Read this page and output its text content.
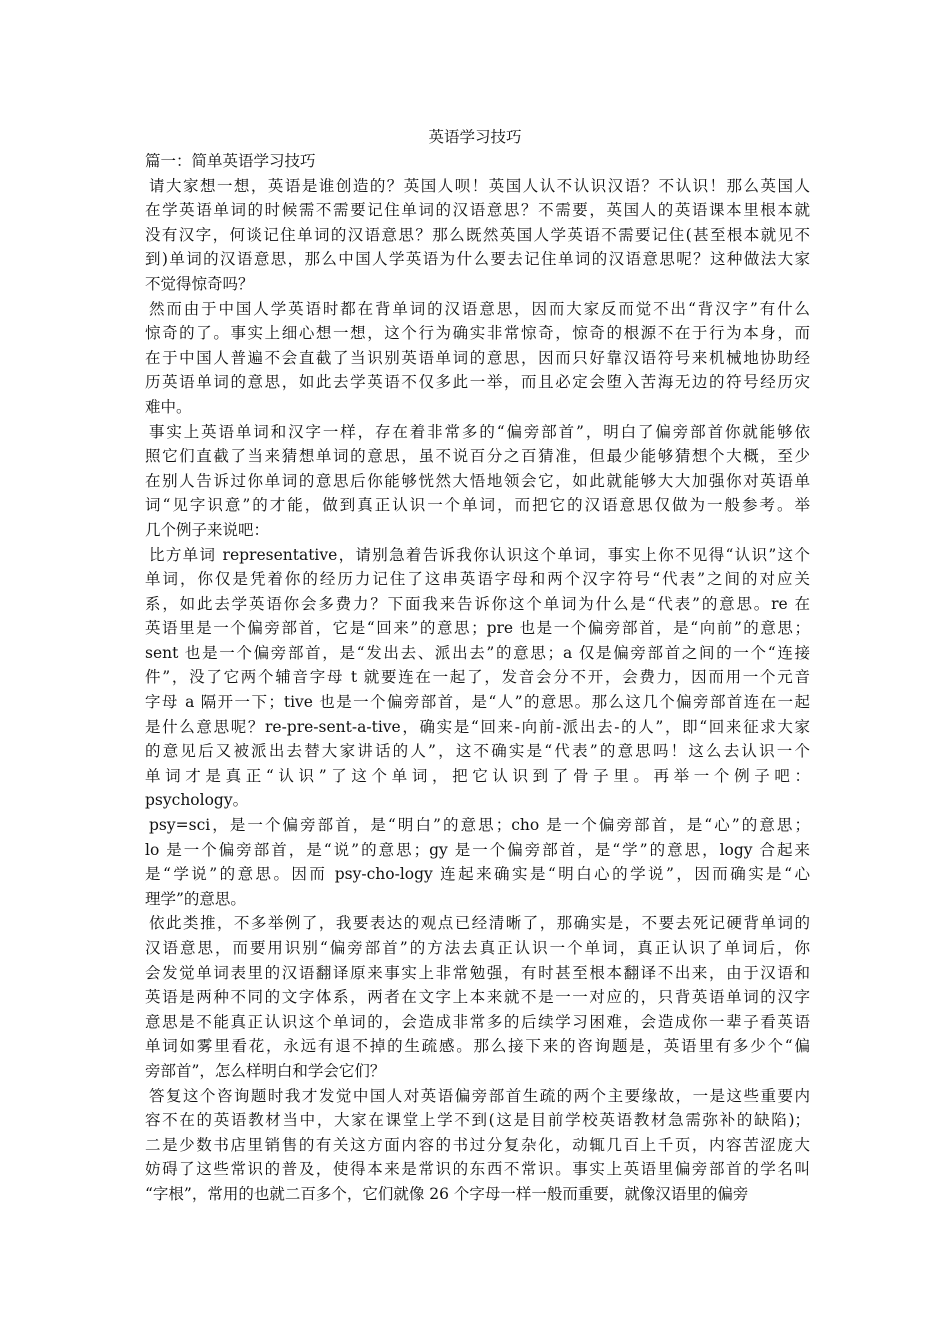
英语学习技巧
篇一：简单英语学习技巧
请大家想一想，英语是谁创造的？英国人呗！英国人认不认识汉语？不认识！那么英国人
在学英语单词的时候需不需要记住单词的汉语意思？不需要，英国人的英语课本里根本就
没有汉字，何谈记住单词的汉语意思？那么既然英国人学英语不需要记住(甚至根本就见不
到)单词的汉语意思，那么中国人学英语为什么要去记住单词的汉语意思呢？这种做法大家
不觉得惊奇吗？
然而由于中国人学英语时都在背单词的汉语意思，因而大家反而觉不出“背汉字”有什么
惊奇的了。事实上细心想一想，这个行为确实非常惊奇，惊奇的根源不在于行为本身，而
在于中国人普遍不会直截了当识别英语单词的意思，因而只好靠汉语符号来机械地协助经
历英语单词的意思，如此去学英语不仅多此一举，而且必定会堕入苦海无边的符号经历灾
难中。
事实上英语单词和汉字一样，存在着非常多的“偏旁部首”，明白了偏旁部首你就能够依
照它们直截了当来猜想单词的意思，虽不说百分之百猜准，但最少能够猜想个大概，至少
在别人告诉过你单词的意思后你能够恍然大悟地领会它，如此就能够大大加强你对英语单
词“见字识意”的才能，做到真正认识一个单词，而把它的汉语意思仅做为一般参考。举
几个例子来说吧：
比方单词 representative，请别急着告诉我你认识这个单词，事实上你不见得“认识”这个
单词，你仅是凭着你的经历力记住了这串英语字母和两个汉字符号“代表”之间的对应关
系，如此去学英语你会多费力？下面我来告诉你这个单词为什么是“代表”的意思。re 在
英语里是一个偏旁部首，它是“回来”的意思；pre 也是一个偏旁部首，是“向前”的意思；
sent 也是一个偏旁部首，是“发出去、派出去”的意思；a 仅是偏旁部首之间的一个“连接
件”，没了它两个辅音字母 t 就要连在一起了，发音会分不开，会费力，因而用一个元音
字母 a 隔开一下；tive 也是一个偏旁部首，是“人”的意思。那么这几个偏旁部首连在一起
是什么意思呢？re-pre-sent-a-tive，确实是“回来-向前-派出去-的人”，即“回来征求大家
的意见后又被派出去替大家讲话的人”，这不确实是“代表”的意思吗！这么去认识一个
单词才是真正“认识”了这个单词，把它认识到了骨子里。再举一个例子吧：
psychology。
psy=sci，是一个偏旁部首，是“明白”的意思；cho 是一个偏旁部首，是“心”的意思；
lo 是一个偏旁部首，是“说”的意思；gy 是一个偏旁部首，是“学”的意思，logy 合起来
是“学说”的意思。因而 psy-cho-logy 连起来确实是“明白心的学说”，因而确实是“心
理学”的意思。
依此类推，不多举例了，我要表达的观点已经清晰了，那确实是，不要去死记硬背单词的
汉语意思，而要用识别“偏旁部首”的方法去真正认识一个单词，真正认识了单词后，你
会发觉单词表里的汉语翻译原来事实上非常勉强，有时甚至根本翻译不出来，由于汉语和
英语是两种不同的文字体系，两者在文字上本来就不是一一对应的，只背英语单词的汉字
意思是不能真正认识这个单词的，会造成非常多的后续学习困难，会造成你一辈子看英语
单词如雾里看花，永远有退不掉的生疏感。那么接下来的咨询题是，英语里有多少个“偏
旁部首”，怎么样明白和学会它们？
答复这个咨询题时我才发觉中国人对英语偏旁部首生疏的两个主要缘故，一是这些重要内
容不在的英语教材当中，大家在课堂上学不到(这是目前学校英语教材急需弥补的缺陷)；
二是少数书店里销售的有关这方面内容的书过分复杂化，动辄几百上千页，内容苦涩庞大
妨碍了这些常识的普及，使得本来是常识的东西不常识。事实上英语里偏旁部首的学名叫
“字根”，常用的也就二百多个，它们就像 26 个字母一样一般而重要，就像汉语里的偏旁
